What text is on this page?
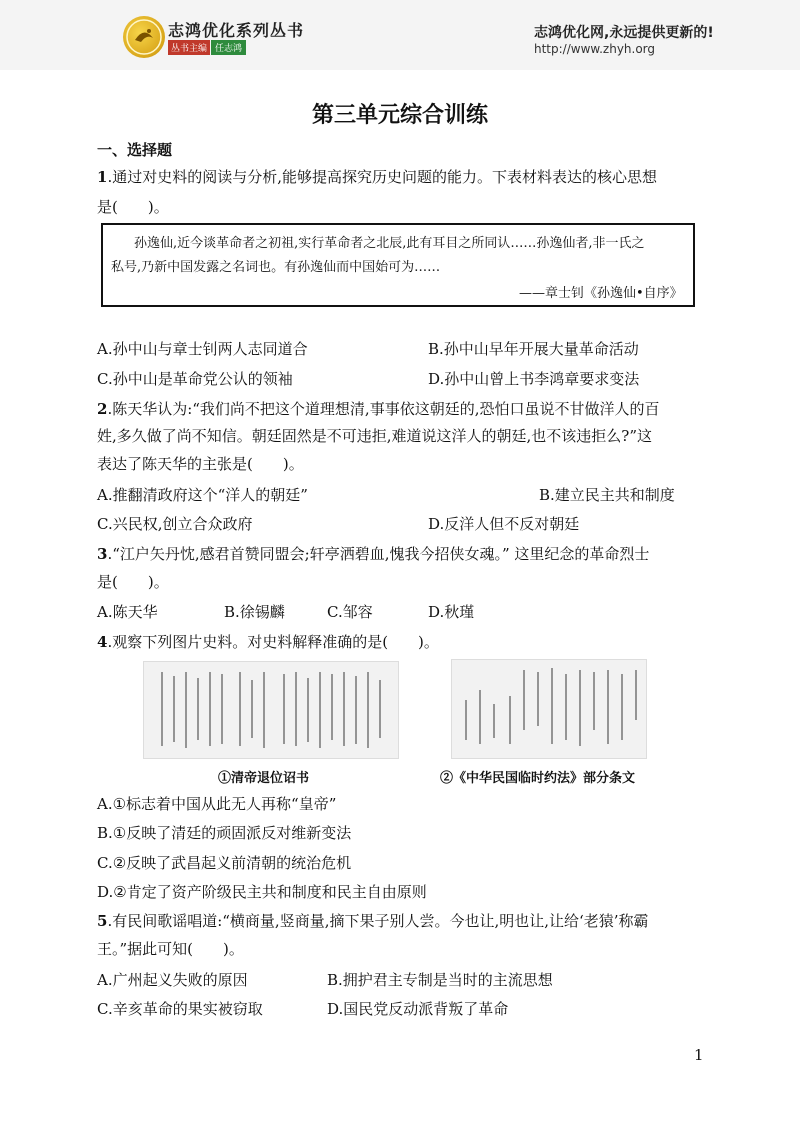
志鸿优化系列丛书
丛书主编 任志鸿
志鸿优化网,永远提供更新的!
http://www.zhyh.org
第三单元综合训练
一、选择题
1.通过对史料的阅读与分析,能够提高探究历史问题的能力。下表材料表达的核心思想
是(　　)。
孙逸仙,近今谈革命者之初祖,实行革命者之北辰,此有耳目之所同认……孙逸仙者,非一氏之
私号,乃新中国发露之名词也。有孙逸仙而中国始可为……
——章士钊《孙逸仙•自序》
A.孙中山与章士钊两人志同道合	B.孙中山早年开展大量革命活动
C.孙中山是革命党公认的领袖	D.孙中山曾上书李鸿章要求变法
2.陈天华认为:“我们尚不把这个道理想清,事事依这朝廷的,恐怕口虽说不甘做洋人的百
姓,多久做了尚不知信。朝廷固然是不可违拒,难道说这洋人的朝廷,也不该违拒么?”这
表达了陈天华的主张是(　　)。
A.推翻清政府这个“洋人的朝廷”	B.建立民主共和制度
C.兴民权,创立合众政府	D.反洋人但不反对朝廷
3.“江户矢丹忱,感君首赞同盟会;轩亭洒碧血,愧我今招侠女魂。” 这里纪念的革命烈士
是(　　)。
A.陈天华	B.徐锡麟	C.邹容	D.秋瑾
4.观察下列图片史料。对史料解释准确的是(　　)。
①清帝退位诏书	②《中华民国临时约法》部分条文
A.①标志着中国从此无人再称“皇帝”
B.①反映了清廷的顽固派反对维新变法
C.②反映了武昌起义前清朝的统治危机
D.②肯定了资产阶级民主共和制度和民主自由原则
5.有民间歌谣唱道:“横商量,竖商量,摘下果子别人尝。今也让,明也让,让给‘老猿’称霸
王。”据此可知(　　)。
A.广州起义失败的原因	B.拥护君主专制是当时的主流思想
C.辛亥革命的果实被窃取	D.国民党反动派背叛了革命
1
